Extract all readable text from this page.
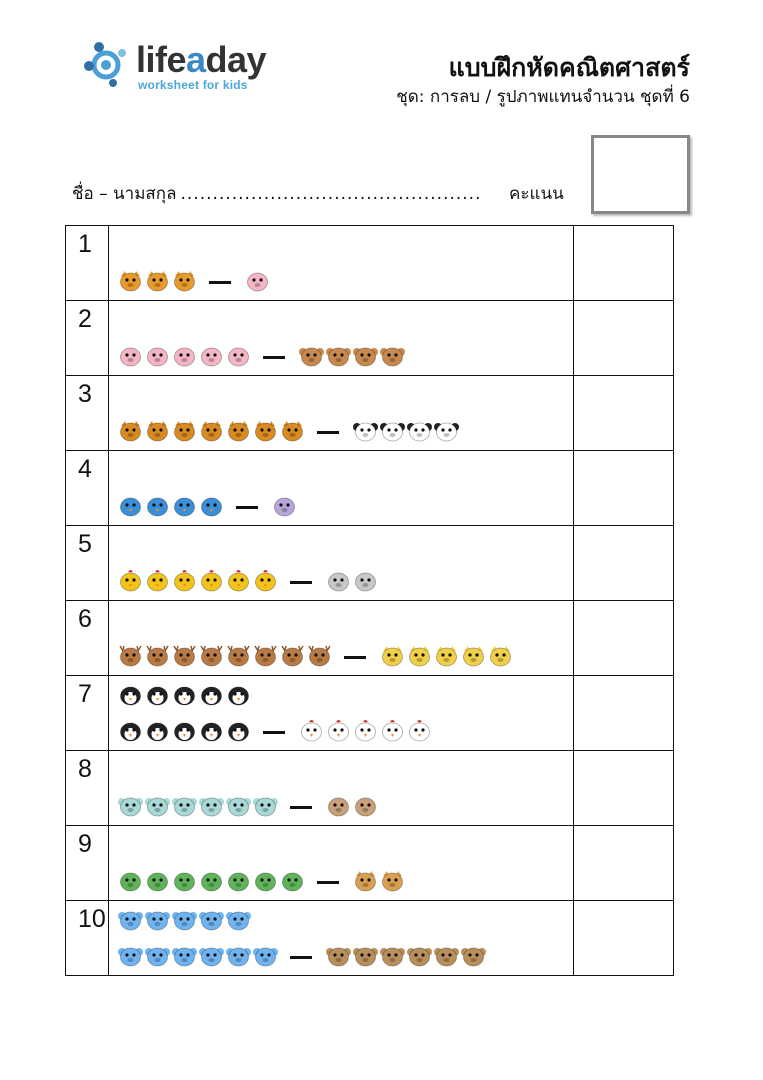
lifeaday
worksheet for kids
แบบฝึกหัดคณิตศาสตร์
ชุด: การลบ / รูปภาพแทนจำนวน ชุดที่ 6
ชื่อ – นามสกุล ............................................... คะแนน
1
2
3
4
5
6
7
8
9
10
